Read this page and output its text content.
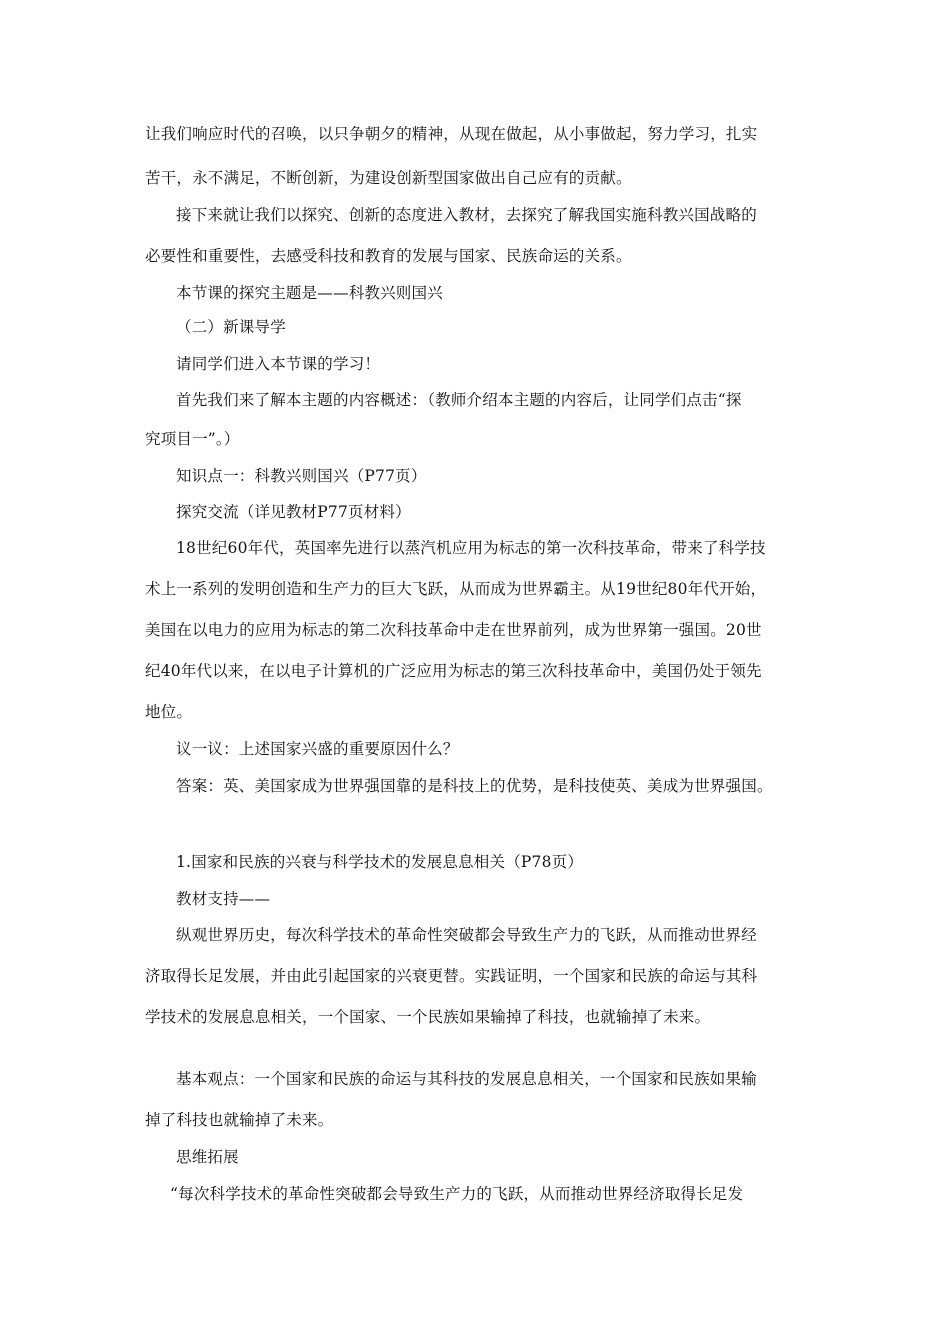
让我们响应时代的召唤，以只争朝夕的精神，从现在做起，从小事做起，努力学习，扎实
苦干，永不满足，不断创新，为建设创新型国家做出自己应有的贡献。
接下来就让我们以探究、创新的态度进入教材，去探究了解我国实施科教兴国战略的
必要性和重要性，去感受科技和教育的发展与国家、民族命运的关系。
本节课的探究主题是——科教兴则国兴
（二）新课导学
请同学们进入本节课的学习！
首先我们来了解本主题的内容概述：（教师介绍本主题的内容后，让同学们点击“探
究项目一”。）
知识点一：科教兴则国兴（P77页）
探究交流（详见教材P77页材料）
18世纪60年代，英国率先进行以蒸汽机应用为标志的第一次科技革命，带来了科学技
术上一系列的发明创造和生产力的巨大飞跃，从而成为世界霸主。从19世纪80年代开始，
美国在以电力的应用为标志的第二次科技革命中走在世界前列，成为世界第一强国。20世
纪40年代以来，在以电子计算机的广泛应用为标志的第三次科技革命中，美国仍处于领先
地位。
议一议：上述国家兴盛的重要原因什么？
答案：英、美国家成为世界强国靠的是科技上的优势，是科技使英、美成为世界强国。
1.国家和民族的兴衰与科学技术的发展息息相关（P78页）
教材支持——
纵观世界历史，每次科学技术的革命性突破都会导致生产力的飞跃，从而推动世界经
济取得长足发展，并由此引起国家的兴衰更替。实践证明，一个国家和民族的命运与其科
学技术的发展息息相关，一个国家、一个民族如果输掉了科技，也就输掉了未来。
基本观点：一个国家和民族的命运与其科技的发展息息相关，一个国家和民族如果输
掉了科技也就输掉了未来。
思维拓展
“每次科学技术的革命性突破都会导致生产力的飞跃，从而推动世界经济取得长足发
